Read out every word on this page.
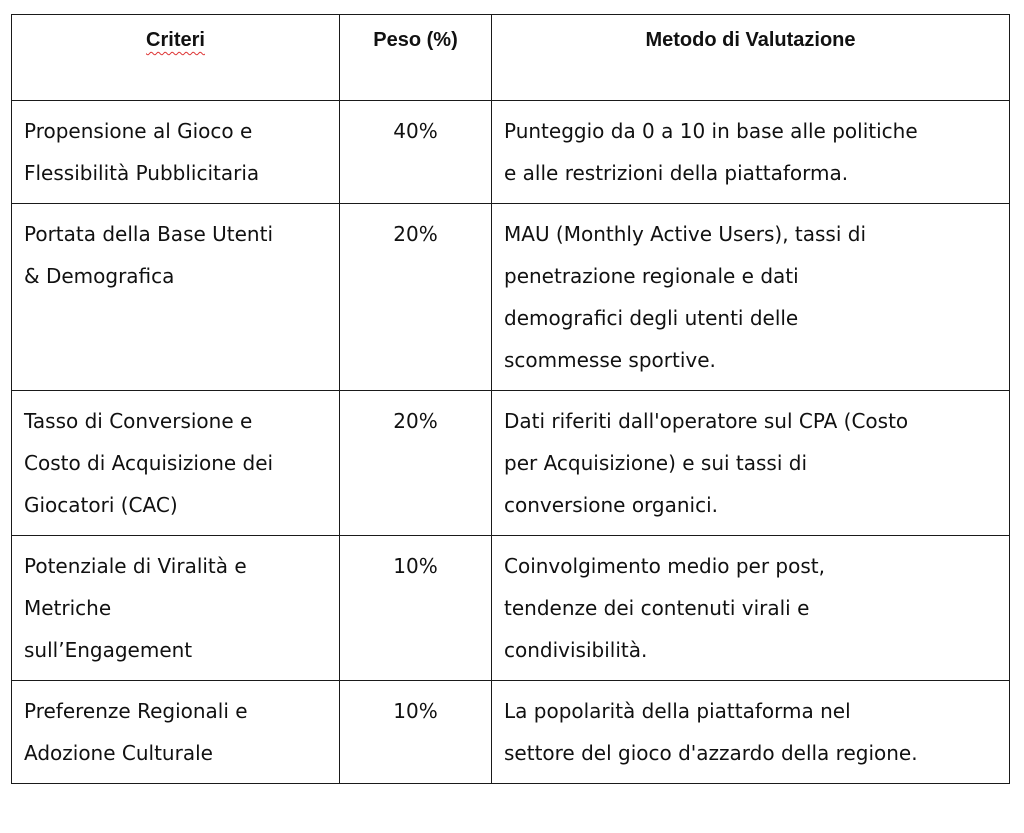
Criteri	Peso (%)	Metodo di Valutazione

Propensione al Gioco e
Flessibilità Pubblicitaria	40%	Punteggio da 0 a 10 in base alle politiche
e alle restrizioni della piattaforma.

Portata della Base Utenti
& Demografica	20%	MAU (Monthly Active Users), tassi di
penetrazione regionale e dati
demografici degli utenti delle
scommesse sportive.

Tasso di Conversione e
Costo di Acquisizione dei
Giocatori (CAC)	20%	Dati riferiti dall'operatore sul CPA (Costo
per Acquisizione) e sui tassi di
conversione organici.

Potenziale di Viralità e
Metriche
sull’Engagement	10%	Coinvolgimento medio per post,
tendenze dei contenuti virali e
condivisibilità.

Preferenze Regionali e
Adozione Culturale	10%	La popolarità della piattaforma nel
settore del gioco d'azzardo della regione.
